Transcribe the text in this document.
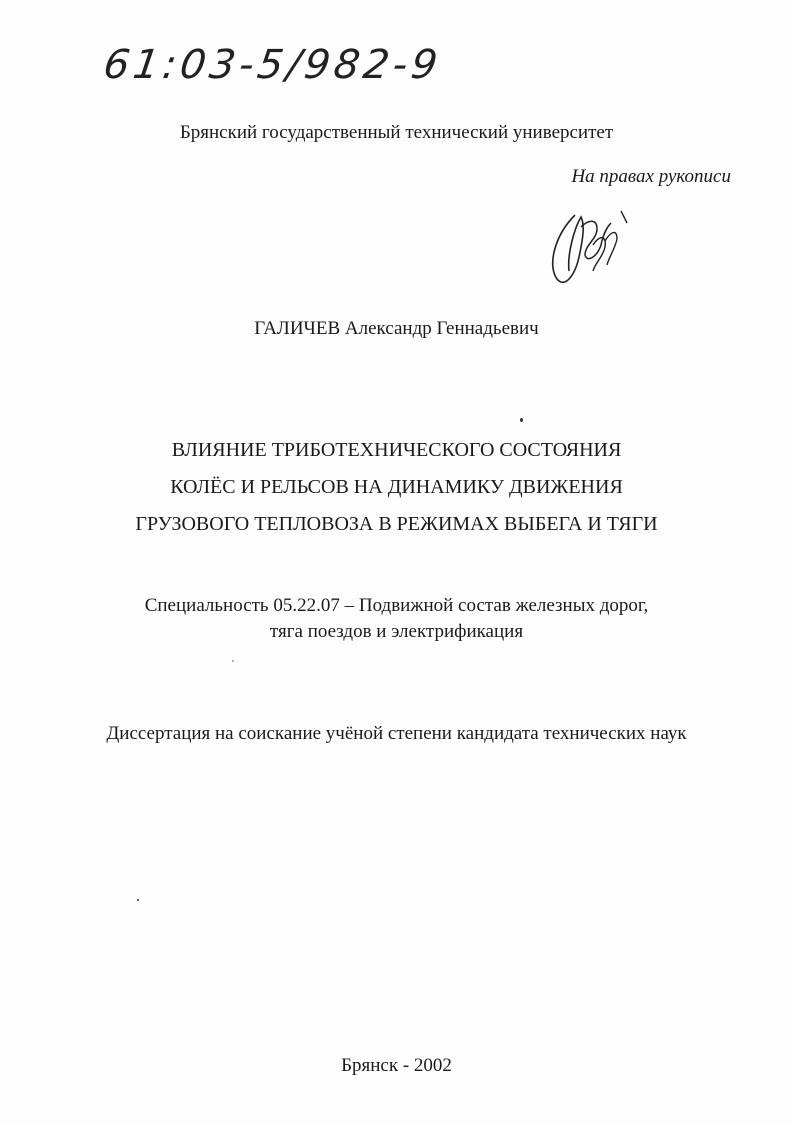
61:03-5/982-9
Брянский государственный технический университет
На правах рукописи
ГАЛИЧЕВ Александр Геннадьевич
ВЛИЯНИЕ ТРИБОТЕХНИЧЕСКОГО СОСТОЯНИЯ
КОЛЁС И РЕЛЬСОВ НА ДИНАМИКУ ДВИЖЕНИЯ
ГРУЗОВОГО ТЕПЛОВОЗА В РЕЖИМАХ ВЫБЕГА И ТЯГИ
Специальность 05.22.07 – Подвижной состав железных дорог,
тяга поездов и электрификация
Диссертация на соискание учёной степени кандидата технических наук
Брянск - 2002
